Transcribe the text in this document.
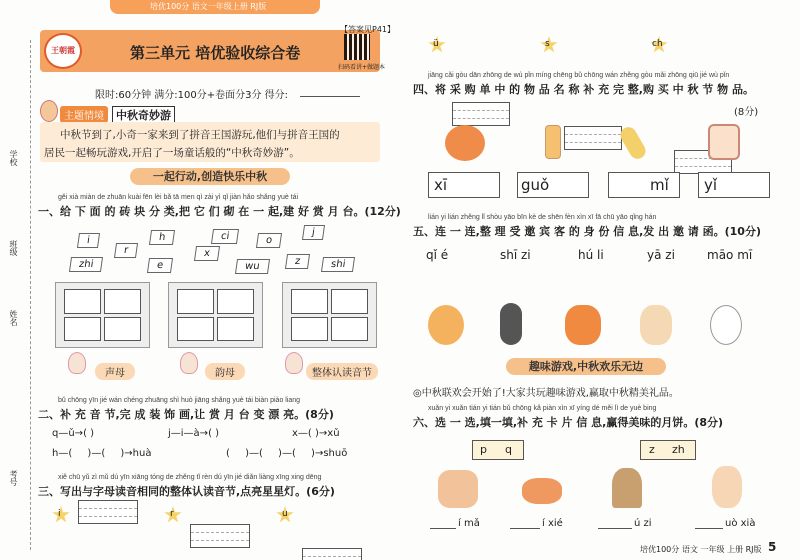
培优100分 语文一年级上册 RJ版
学校
班级
姓名
考号
王朝霞	第三单元 培优验收综合卷
【答案见P41】
扫码看讲+做题本
限时:60分钟 满分:100分+卷面分3分 得分:
主题情境	中秋奇妙游
中秋节到了,小奇一家来到了拼音王国游玩,他们与拼音王国的
居民一起畅玩游戏,开启了一场童话般的“中秋奇妙游”。
一起行动,创造快乐中秋
gěi xià miàn de zhuān kuài fēn lèi bǎ tā men qì zài yì qǐ jiàn hǎo shǎng yuè tái
一、给 下 面 的 砖 块 分 类,把 它 们 砌 在 一 起,建 好 赏 月 台。(12分)
i
r
h	ci	o
j
zhi	e
x
wu	z	shi
声母	韵母	整体认读音节
bǔ chōng yīn jié wán chéng zhuāng shì huò jiāng shǎng yuè tái biàn piào liang
二、补 充 音 节,完 成 装 饰 画,让 赏 月 台 变 漂 亮。(8分)
q—ǔ→( )	j—i—à→( )	x—( )→xǔ
h—( )—( )→huà	( )—( )—( )→shuō
xiě chū yǔ zì mǔ dú yīn xiāng tóng de zhěng tǐ rèn dú yīn jié diǎn liàng xīng xing dēng
三、写出与字母读音相同的整体认读音节,点亮星星灯。(6分)
i	r	u
ü	s	ch
jiāng cǎi gòu dān zhōng de wù pǐn míng chēng bǔ chōng wán zhěng gòu mǎi zhōng qiū jié wù pǐn
四、将 采 购 单 中 的 物 品 名 称 补 充 完 整,购 买 中 秋 节 物 品。
(8分)
xī	guǒ	mǐ yǐ
lián yi lián zhěng lǐ shòu yāo bīn kè de shēn fèn xìn xī fā chū yāo qǐng hán
五、连 一 连,整 理 受 邀 宾 客 的 身 份 信 息,发 出 邀 请 函。(10分)
qǐ é	shī zi	hú li	yā zi	māo mī
趣味游戏,中秋欢乐无边
◎中秋联欢会开始了!大家共玩趣味游戏,赢取中秋精美礼品。
xuǎn yi xuǎn tián yi tián bǔ chōng kǎ piàn xìn xī yíng dé měi lì de yuè bing
六、选 一 选,填一填,补 充 卡 片 信 息,赢得美味的月饼。(8分)
p q	z zh
í mǎ	í xié	ú zi	uò xià
培优100分 语文 一年级 上册 RJ版 5
